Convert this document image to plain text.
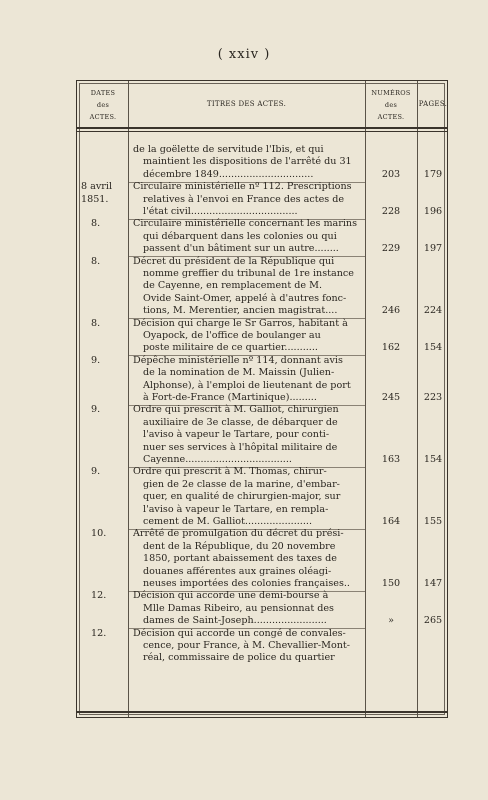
( xxiv )
DATES
des
ACTES.
TITRES DES ACTES.
NUMÉROS
des
ACTES.
PAGES.
de la goëlette de servitude l'Ibis, et qui
maintient les dispositions de l'arrêté du 31
décembre 1849...............................	203	179
8 avril
1851.
Circulaire ministérielle nº 112. Prescriptions
relatives à l'envoi en France des actes de
l'état civil...................................	228	196
8.	Circulaire ministérielle concernant les marins
qui débarquent dans les colonies ou qui
passent d'un bâtiment sur un autre........	229	197
8.	Décret du président de la République qui
nomme greffier du tribunal de 1re instance
de Cayenne, en remplacement de M.
Ovide Saint-Omer, appelé à d'autres fonc-
tions, M. Merentier, ancien magistrat....	246	224
8.	Décision qui charge le Sr Garros, habitant à
Oyapock, de l'office de boulanger au
poste militaire de ce quartier...........	162	154
9.	Dépêche ministérielle nº 114, donnant avis
de la nomination de M. Maissin (Julien-
Alphonse), à l'emploi de lieutenant de port
à Fort-de-France (Martinique).........	245	223
9.	Ordre qui prescrit à M. Galliot, chirurgien
auxiliaire de 3e classe, de débarquer de
l'aviso à vapeur le Tartare, pour conti-
nuer ses services à l'hôpital militaire de
Cayenne...................................	163	154
9.	Ordre qui prescrit à M. Thomas, chirur-
gien de 2e classe de la marine, d'embar-
quer, en qualité de chirurgien-major, sur
l'aviso à vapeur le Tartare, en rempla-
cement de M. Galliot......................	164	155
10.	Arrêté de promulgation du décret du prési-
dent de la République, du 20 novembre
1850, portant abaissement des taxes de
douanes afférentes aux graines oléagi-
neuses importées des colonies françaises..	150	147
12.	Décision qui accorde une demi-bourse à
Mlle Damas Ribeiro, au pensionnat des
dames de Saint-Joseph........................	»	265
12.	Décision qui accorde un congé de convales-
cence, pour France, à M. Chevallier-Mont-
réal, commissaire de police du quartier
